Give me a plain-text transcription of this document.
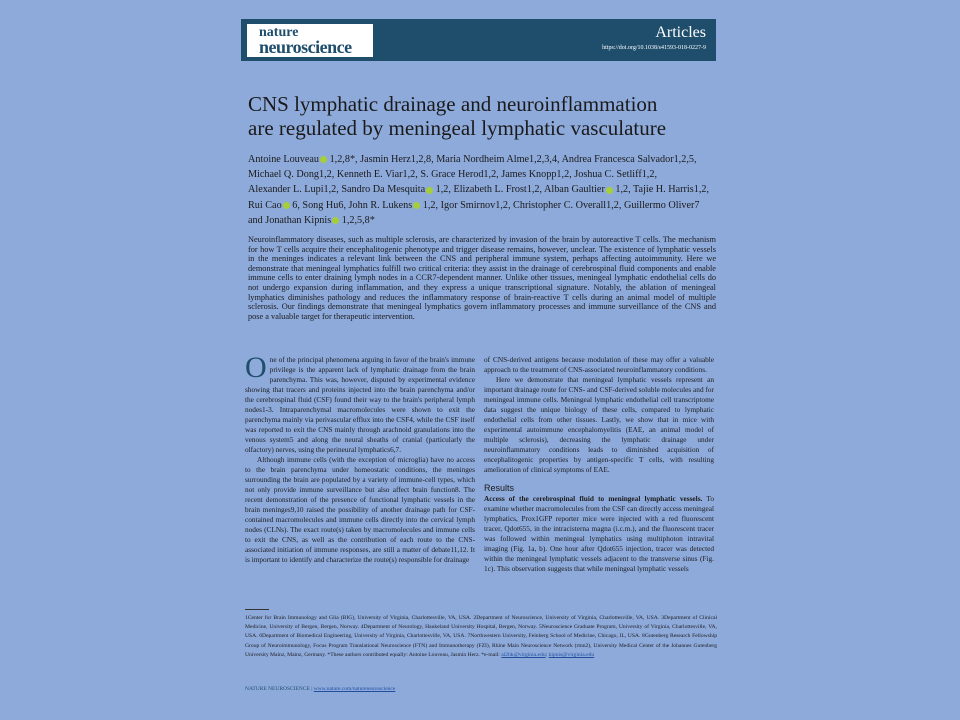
nature
neuroscience
Articles
https://doi.org/10.1038/s41593-018-0227-9
CNS lymphatic drainage and neuroinflammation
are regulated by meningeal lymphatic vasculature
Antoine Louveau 1,2,8*, Jasmin Herz1,2,8, Maria Nordheim Alme1,2,3,4, Andrea Francesca Salvador1,2,5,
Michael Q. Dong1,2, Kenneth E. Viar1,2, S. Grace Herod1,2, James Knopp1,2, Joshua C. Setliff1,2,
Alexander L. Lupi1,2, Sandro Da Mesquita 1,2, Elizabeth L. Frost1,2, Alban Gaultier 1,2, Tajie H. Harris1,2,
Rui Cao 6, Song Hu6, John R. Lukens 1,2, Igor Smirnov1,2, Christopher C. Overall1,2, Guillermo Oliver7
and Jonathan Kipnis 1,2,5,8*
Neuroinflammatory diseases, such as multiple sclerosis, are characterized by invasion of the brain by autoreactive T cells. The mechanism for how T cells acquire their encephalitogenic phenotype and trigger disease remains, however, unclear. The existence of lymphatic vessels in the meninges indicates a relevant link between the CNS and peripheral immune system, perhaps affecting autoimmunity. Here we demonstrate that meningeal lymphatics fulfill two critical criteria: they assist in the drainage of cerebrospinal fluid components and enable immune cells to enter draining lymph nodes in a CCR7-dependent manner. Unlike other tissues, meningeal lymphatic endothelial cells do not undergo expansion during inflammation, and they express a unique transcriptional signature. Notably, the ablation of meningeal lymphatics diminishes pathology and reduces the inflammatory response of brain-reactive T cells during an animal model of multiple sclerosis. Our findings demonstrate that meningeal lymphatics govern inflammatory processes and immune surveillance of the CNS and pose a valuable target for therapeutic intervention.

One of the principal phenomena arguing in favor of the brain's immune privilege is the apparent lack of lymphatic drainage from the brain parenchyma. This was, however, disputed by experimental evidence showing that tracers and proteins injected into the brain parenchyma and/or the cerebrospinal fluid (CSF) found their way to the brain's peripheral lymph nodes1-3. Intraparenchymal macromolecules were shown to exit the parenchyma mainly via perivascular efflux into the CSF4, while the CSF itself was reported to exit the CNS mainly through arachnoid granulations into the venous system5 and along the neural sheaths of cranial (particularly the olfactory) nerves, using the perineural lymphatics6,7.

Although immune cells (with the exception of microglia) have no access to the brain parenchyma under homeostatic conditions, the meninges surrounding the brain are populated by a variety of immune-cell types, which not only provide immune surveillance but also affect brain function8. The recent demonstration of the presence of functional lymphatic vessels in the brain meninges9,10 raised the possibility of another drainage path for CSF-contained macromolecules and immune cells directly into the cervical lymph nodes (CLNs). The exact route(s) taken by macromolecules and immune cells to exit the CNS, as well as the contribution of each route to the CNS-associated initiation of immune responses, are still a matter of debate11,12. It is important to identify and characterize the route(s) responsible for drainage

of CNS-derived antigens because modulation of these may offer a valuable approach to the treatment of CNS-associated neuroinflammatory conditions.

Here we demonstrate that meningeal lymphatic vessels represent an important drainage route for CNS- and CSF-derived soluble molecules and for meningeal immune cells. Meningeal lymphatic endothelial cell transcriptome data suggest the unique biology of these cells, compared to lymphatic endothelial cells from other tissues. Lastly, we show that in mice with experimental autoimmune encephalomyelitis (EAE, an animal model of multiple sclerosis), decreasing the lymphatic drainage under neuroinflammatory conditions leads to diminished acquisition of encephalitogenic properties by antigen-specific T cells, with resulting amelioration of clinical symptoms of EAE.

Results

Access of the cerebrospinal fluid to meningeal lymphatic vessels. To examine whether macromolecules from the CSF can directly access meningeal lymphatics, Prox1GFP reporter mice were injected with a red fluorescent tracer, Qdot655, in the intracisterna magna (i.c.m.), and the fluorescent tracer was followed within meningeal lymphatics using multiphoton intravital imaging (Fig. 1a, b). One hour after Qdot655 injection, tracer was detected within the meningeal lymphatic vessels adjacent to the transverse sinus (Fig. 1c). This observation suggests that while meningeal lymphatic vessels

1Center for Brain Immunology and Glia (BIG), University of Virginia, Charlottesville, VA, USA. 2Department of Neuroscience, University of Virginia, Charlottesville, VA, USA. 3Department of Clinical Medicine, University of Bergen, Bergen, Norway. 4Department of Neurology, Haukeland University Hospital, Bergen, Norway. 5Neuroscience Graduate Program, University of Virginia, Charlottesville, VA, USA. 6Department of Biomedical Engineering, University of Virginia, Charlottesville, VA, USA. 7Northwestern University, Feinberg School of Medicine, Chicago, IL, USA. 8Gutenberg Research Fellowship Group of Neuroimmunology, Focus Program Translational Neuroscience (FTN) and Immunotherapy (FZI), Rhine Main Neuroscience Network (rmn2), University Medical Center of the Johannes Gutenberg University Mainz, Mainz, Germany. *These authors contributed equally: Antoine Louveau, Jasmin Herz. *e-mail: al2hk@virginia.edu; kipnis@virginia.edu
NATURE NEUROSCIENCE | www.nature.com/natureneuroscience
